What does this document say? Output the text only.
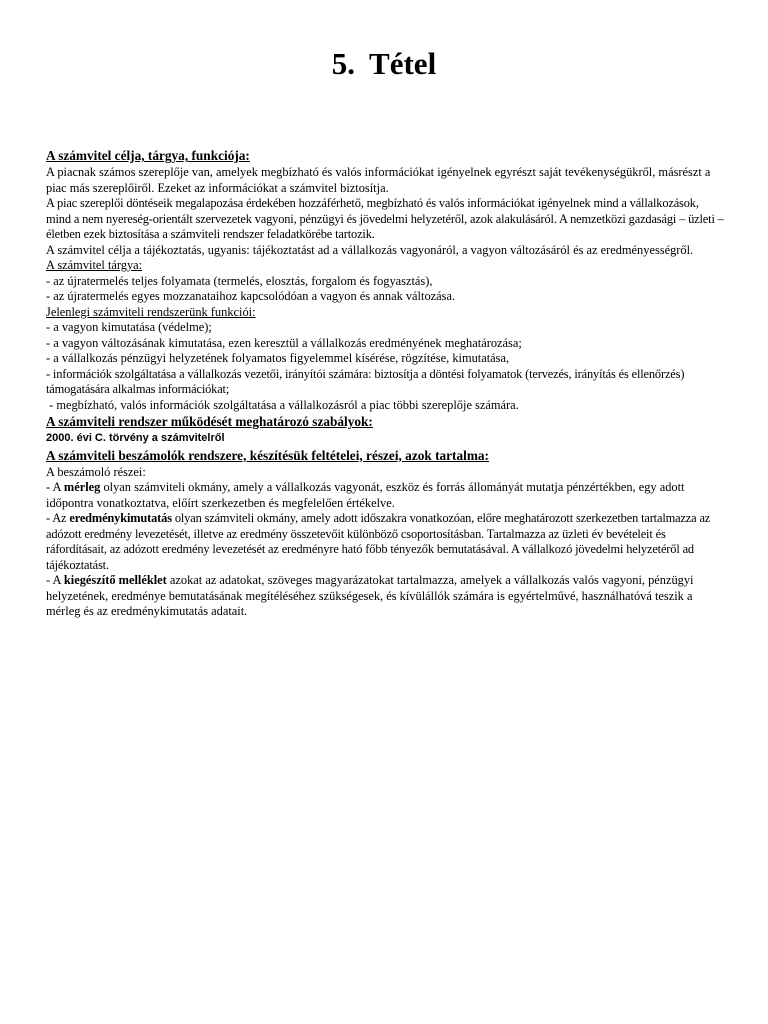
5. Tétel

A számvitel célja, tárgya, funkciója:

A piacnak számos szereplője van, amelyek megbízható és valós információkat igényelnek egyrészt saját tevékenységükről, másrészt a piac más szereplőiről. Ezeket az információkat a számvitel biztosítja.

A piac szereplői döntéseik megalapozása érdekében hozzáférhető, megbízható és valós információkat igényelnek mind a vállalkozások, mind a nem nyereség-orientált szervezetek vagyoni, pénzügyi és jövedelmi helyzetéről, azok alakulásáról. A nemzetközi gazdasági – üzleti – életben ezek biztosítása a számviteli rendszer feladatkörébe tartozik.

A számvitel célja a tájékoztatás, ugyanis: tájékoztatást ad a vállalkozás vagyonáról, a vagyon változásáról és az eredményességről.

A számvitel tárgya:

- az újratermelés teljes folyamata (termelés, elosztás, forgalom és fogyasztás),

- az újratermelés egyes mozzanataihoz kapcsolódóan a vagyon és annak változása.

Jelenlegi számviteli rendszerünk funkciói:

- a vagyon kimutatása (védelme);

- a vagyon változásának kimutatása, ezen keresztül a vállalkozás eredményének meghatározása;

- a vállalkozás pénzügyi helyzetének folyamatos figyelemmel kísérése, rögzítése, kimutatása,

- információk szolgáltatása a vállalkozás vezetői, irányítói számára: biztosítja a döntési folyamatok (tervezés, irányítás és ellenőrzés) támogatására alkalmas információkat;

- megbízható, valós információk szolgáltatása a vállalkozásról a piac többi szereplője számára.

A számviteli rendszer működését meghatározó szabályok:

2000. évi C. törvény a számvitelről

A számviteli beszámolók rendszere, készítésük feltételei, részei, azok tartalma:

A beszámoló részei:

- A mérleg olyan számviteli okmány, amely a vállalkozás vagyonát, eszköz és forrás állományát mutatja pénzértékben, egy adott időpontra vonatkoztatva, előírt szerkezetben és megfelelően értékelve.

- Az eredménykimutatás olyan számviteli okmány, amely adott időszakra vonatkozóan, előre meghatározott szerkezetben tartalmazza az adózott eredmény levezetését, illetve az eredmény összetevőit különböző csoportosításban. Tartalmazza az üzleti év bevételeit és ráfordításait, az adózott eredmény levezetését az eredményre ható főbb tényezők bemutatásával. A vállalkozó jövedelmi helyzetéről ad tájékoztatást.

- A kiegészítő melléklet azokat az adatokat, szöveges magyarázatokat tartalmazza, amelyek a vállalkozás valós vagyoni, pénzügyi helyzetének, eredménye bemutatásának megítéléséhez szükségesek, és kívülállók számára is egyértelművé, használhatóvá teszik a mérleg és az eredménykimutatás adatait.
